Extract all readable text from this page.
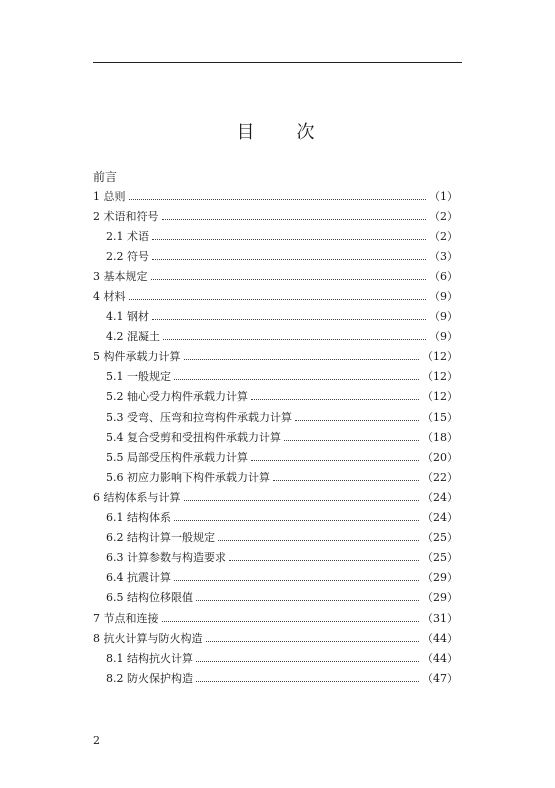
目　次
前言
1 总则	（1）
2 术语和符号	（2）
2.1 术语	（2）
2.2 符号	（3）
3 基本规定	（6）
4 材料	（9）
4.1 钢材	（9）
4.2 混凝土	（9）
5 构件承载力计算	（12）
5.1 一般规定	（12）
5.2 轴心受力构件承载力计算	（12）
5.3 受弯、压弯和拉弯构件承载力计算	（15）
5.4 复合受剪和受扭构件承载力计算	（18）
5.5 局部受压构件承载力计算	（20）
5.6 初应力影响下构件承载力计算	（22）
6 结构体系与计算	（24）
6.1 结构体系	（24）
6.2 结构计算一般规定	（25）
6.3 计算参数与构造要求	（25）
6.4 抗震计算	（29）
6.5 结构位移限值	（29）
7 节点和连接	（31）
8 抗火计算与防火构造	（44）
8.1 结构抗火计算	（44）
8.2 防火保护构造	（47）
2
